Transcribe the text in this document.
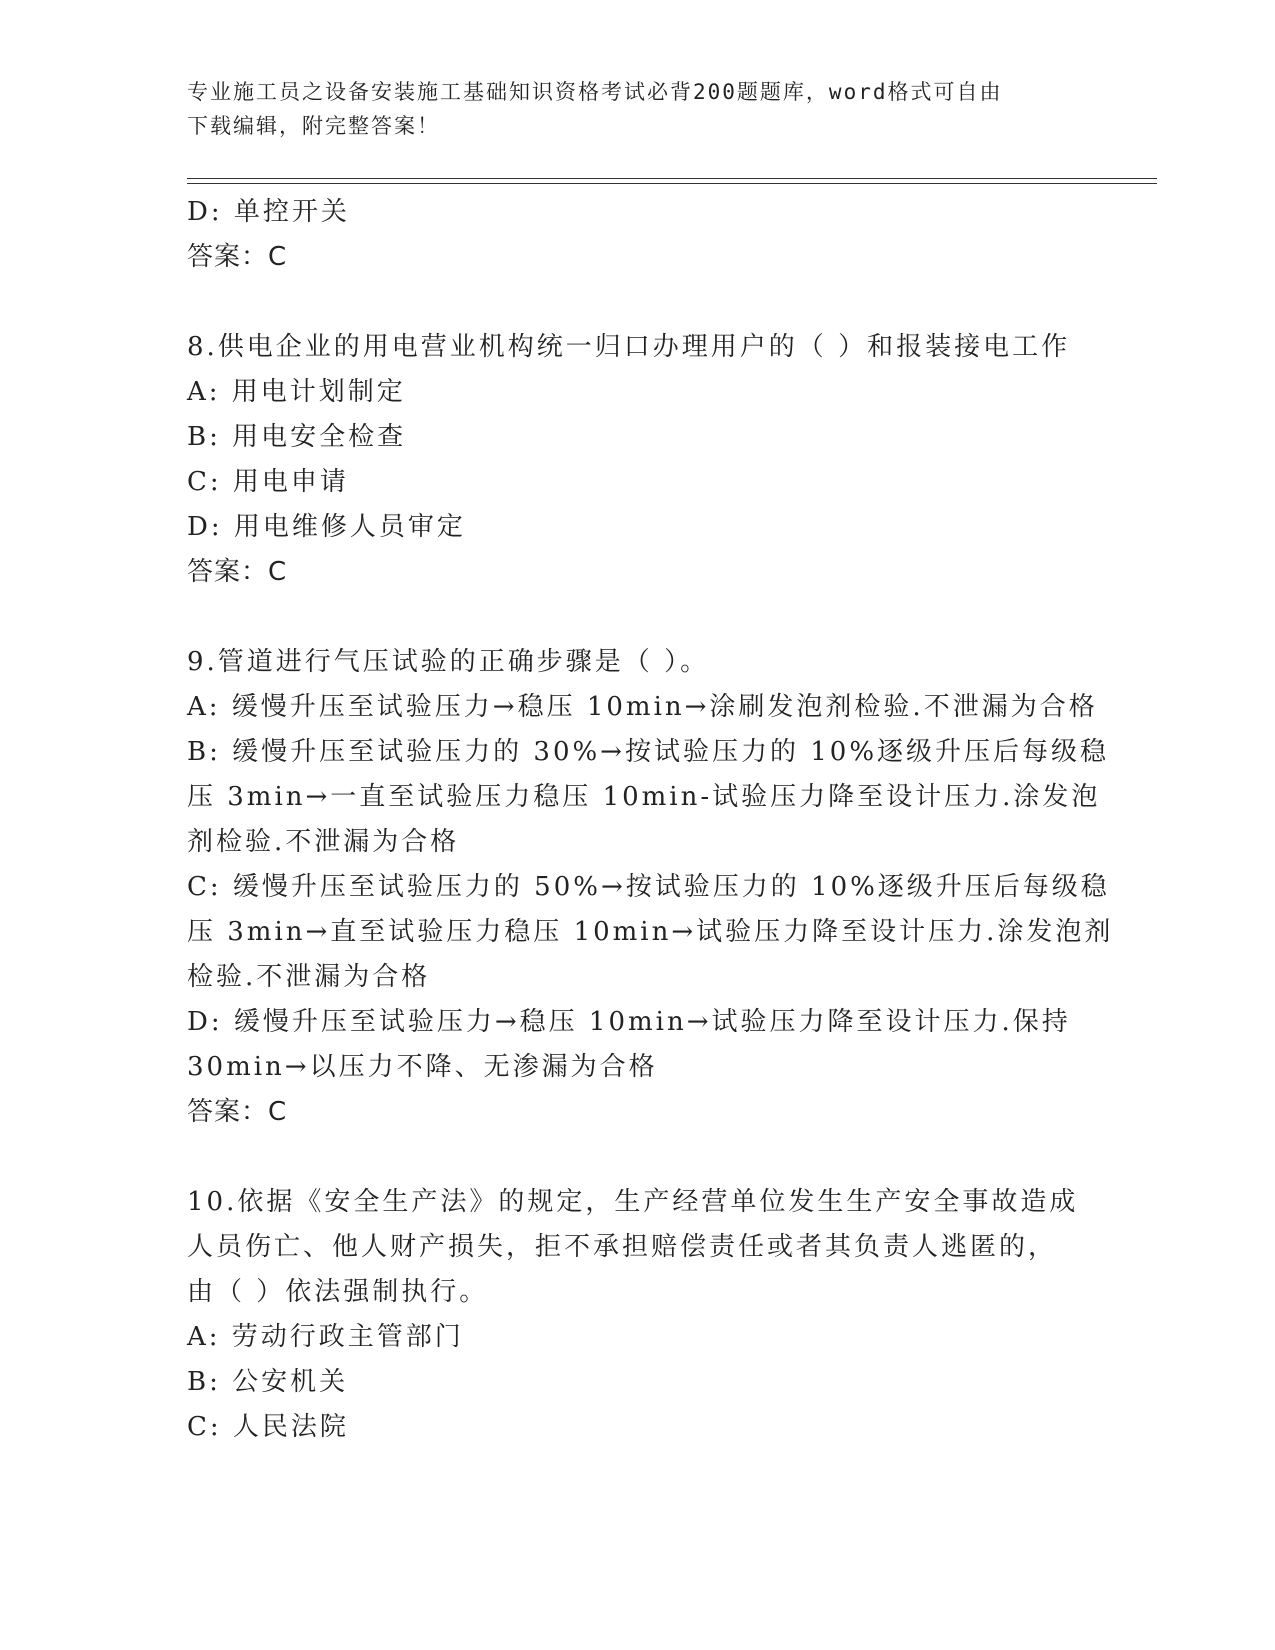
专业施工员之设备安装施工基础知识资格考试必背200题题库，word格式可自由
下载编辑，附完整答案！
D: 单控开关
答案：C
8.供电企业的用电营业机构统一归口办理用户的（ ）和报装接电工作
A: 用电计划制定
B: 用电安全检查
C: 用电申请
D: 用电维修人员审定
答案：C
9.管道进行气压试验的正确步骤是（ ）。
A: 缓慢升压至试验压力→稳压 10min→涂刷发泡剂检验.不泄漏为合格
B: 缓慢升压至试验压力的 30%→按试验压力的 10%逐级升压后每级稳
压 3min→一直至试验压力稳压 10min-试验压力降至设计压力.涂发泡
剂检验.不泄漏为合格
C: 缓慢升压至试验压力的 50%→按试验压力的 10%逐级升压后每级稳
压 3min→直至试验压力稳压 10min→试验压力降至设计压力.涂发泡剂
检验.不泄漏为合格
D: 缓慢升压至试验压力→稳压 10min→试验压力降至设计压力.保持
30min→以压力不降、无渗漏为合格
答案：C
10.依据《安全生产法》的规定，生产经营单位发生生产安全事故造成
人员伤亡、他人财产损失，拒不承担赔偿责任或者其负责人逃匿的，
由（ ）依法强制执行。
A: 劳动行政主管部门
B: 公安机关
C: 人民法院
